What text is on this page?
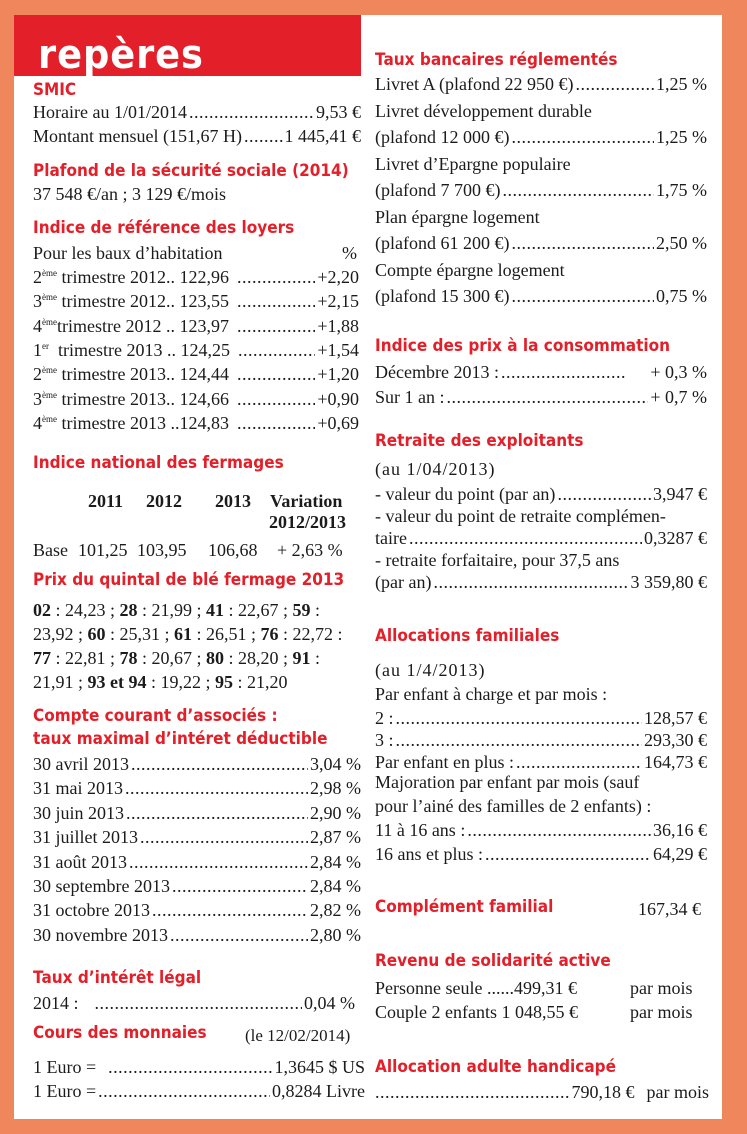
repères
SMIC
Horaire au 1/01/2014 .....	9,53 €
Montant mensuel (151,67 H) ..... 1 445,41 €
Plafond de la sécurité sociale (2014)
37 548 €/an ; 3 129 €/mois
Indice de référence des loyers
Pour les baux d’habitation	%
Indice national des fermages
2011 2012 2013 Variation
2012/2013
Base 101,25 103,95 106,68 + 2,63 %
Prix du quintal de blé fermage 2013
Compte courant d’associés :
taux maximal d’intéret déductible
Taux d’intérêt légal
2014 : .....	0,04 %
Cours des monnaies (le 12/02/2014)
1 Euro = .....	1,3645 $ US
1 Euro = .....	0,8284 Livre
2ème trimestre 2012.. 122,96 .....	+2,20
3ème trimestre 2012.. 123,55 .....	+2,15
4èmetrimestre 2012 .. 123,97 .....	+1,88
1er  trimestre 2013 .. 124,25 .....	+1,54
2ème trimestre 2013.. 124,44 .....	+1,20
3ème trimestre 2013.. 124,66 .....	+0,90
4ème trimestre 2013 ..124,83 .....	+0,69
02 : 24,23 ; 28 : 21,99 ; 41 : 22,67 ; 59 :
23,92 ; 60 : 25,31 ; 61 : 26,51 ; 76 : 22,72 :
77 : 22,81 ; 78 : 20,67 ; 80 : 28,20 ; 91 :
21,91 ; 93 et 94 : 19,22 ; 95 : 21,20
30 avril 2013 .....	3,04 %
31 mai 2013 .....	2,98 %
30 juin 2013 .....	2,90 %
31 juillet 2013 .....	2,87 %
31 août 2013 .....	2,84 %
30 septembre 2013 .....	2,84 %
31 octobre 2013 .....	2,82 %
30 novembre 2013 .....	2,80 %
Taux bancaires réglementés
Livret A (plafond 22 950 €) .....	1,25 %
Livret développement durable
(plafond 12 000 €) .....	1,25 %
Livret d’Epargne populaire
(plafond 7 700 €) .....	1,75 %
Plan épargne logement
(plafond 61 200 €) .....	2,50 %
Compte épargne logement
(plafond 15 300 €) .....	0,75 %
Indice des prix à la consommation
Décembre 2013 : .....	+ 0,3 %
Sur 1 an : .....	+ 0,7 %
Retraite des exploitants
(au 1/04/2013)
- valeur du point (par an) .....	3,947 €
- valeur du point de retraite complémen-
taire .....	0,3287 €
- retraite forfaitaire, pour 37,5 ans
(par an) .....	3 359,80 €
Allocations familiales
(au 1/4/2013)
Par enfant à charge et par mois :
Majoration par enfant par mois (sauf
pour l’ainé des familles de 2 enfants) :
Complément familial	167,34 €
Revenu de solidarité active
Personne seule ......499,31 €	par mois
Couple 2 enfants 1 048,55 €	par mois
Allocation adulte handicapé
.....
790,18 € par mois
2 : .....	128,57 €
3 : .....	293,30 €
Par enfant en plus : .....	164,73 €
11 à 16 ans : .....	36,16 €
16 ans et plus : .....	64,29 €
